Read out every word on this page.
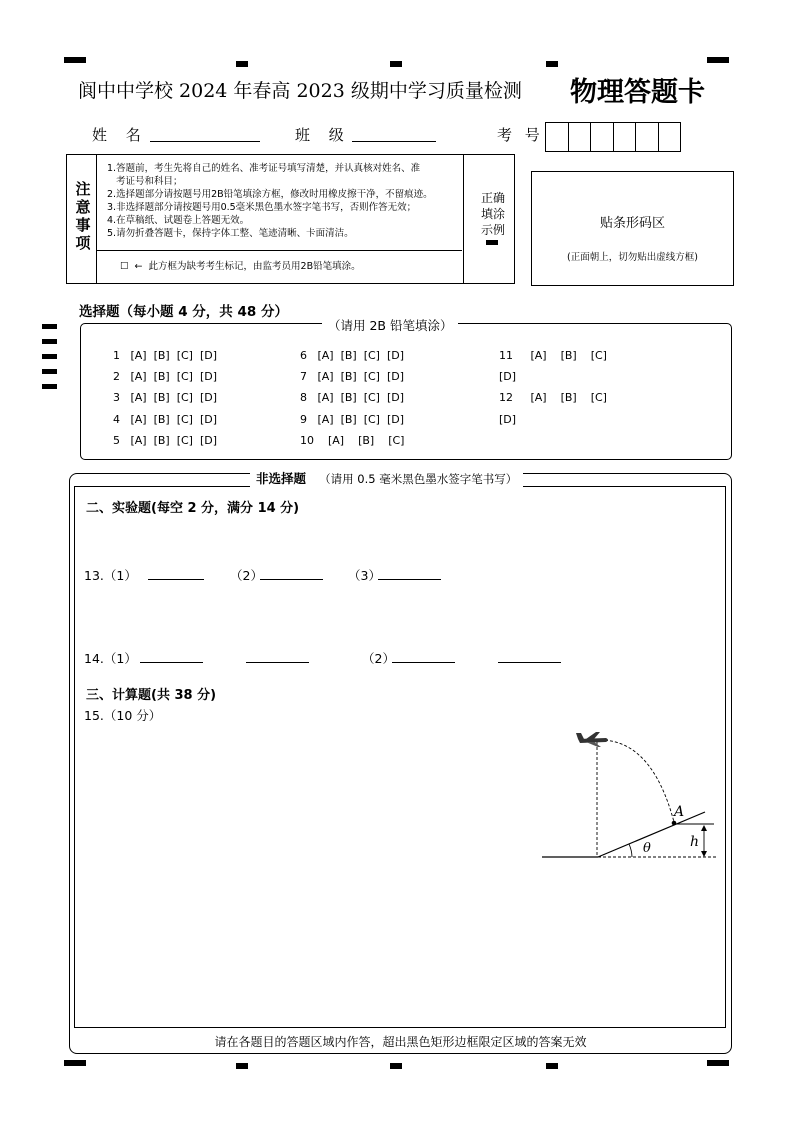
阆中中学校 2024 年春高 2023 级期中学习质量检测 物理答题卡
姓 名	班 级	考 号
注
意
事
项
1.答题前，考生先将自己的姓名、准考证号填写清楚，并认真核对姓名、准
考证号和科目；
2.选择题部分请按题号用2B铅笔填涂方框，修改时用橡皮擦干净，不留痕迹。
3.非选择题部分请按题号用0.5毫米黑色墨水签字笔书写，否则作答无效；
4.在草稿纸、试题卷上答题无效。
5.请勿折叠答题卡，保持字体工整、笔迹清晰、卡面清洁。
☐  ←  此方框为缺考考生标记，由监考员用2B铅笔填涂。
正确
填涂
示例	贴条形码区
(正面朝上，切勿贴出虚线方框)
选择题（每小题 4 分，共 48 分）
（请用 2B 铅笔填涂）
1   [A]  [B]  [C]  [D]
2   [A]  [B]  [C]  [D]
3   [A]  [B]  [C]  [D]
4   [A]  [B]  [C]  [D]
5   [A]  [B]  [C]  [D]
6   [A]  [B]  [C]  [D]
7   [A]  [B]  [C]  [D]
8   [A]  [B]  [C]  [D]
9   [A]  [B]  [C]  [D]
10    [A]    [B]    [C]
11     [A]    [B]    [C]
[D]
12     [A]    [B]    [C]
[D]
非选择题 （请用 0.5 毫米黑色墨水签字笔书写）
二、实验题(每空 2 分，满分 14 分)
13.（1）	（2）	（3）
14.（1）	（2）
三、计算题(共 38 分)
15.（10 分）
A
h
θ
请在各题目的答题区域内作答，超出黑色矩形边框限定区域的答案无效
